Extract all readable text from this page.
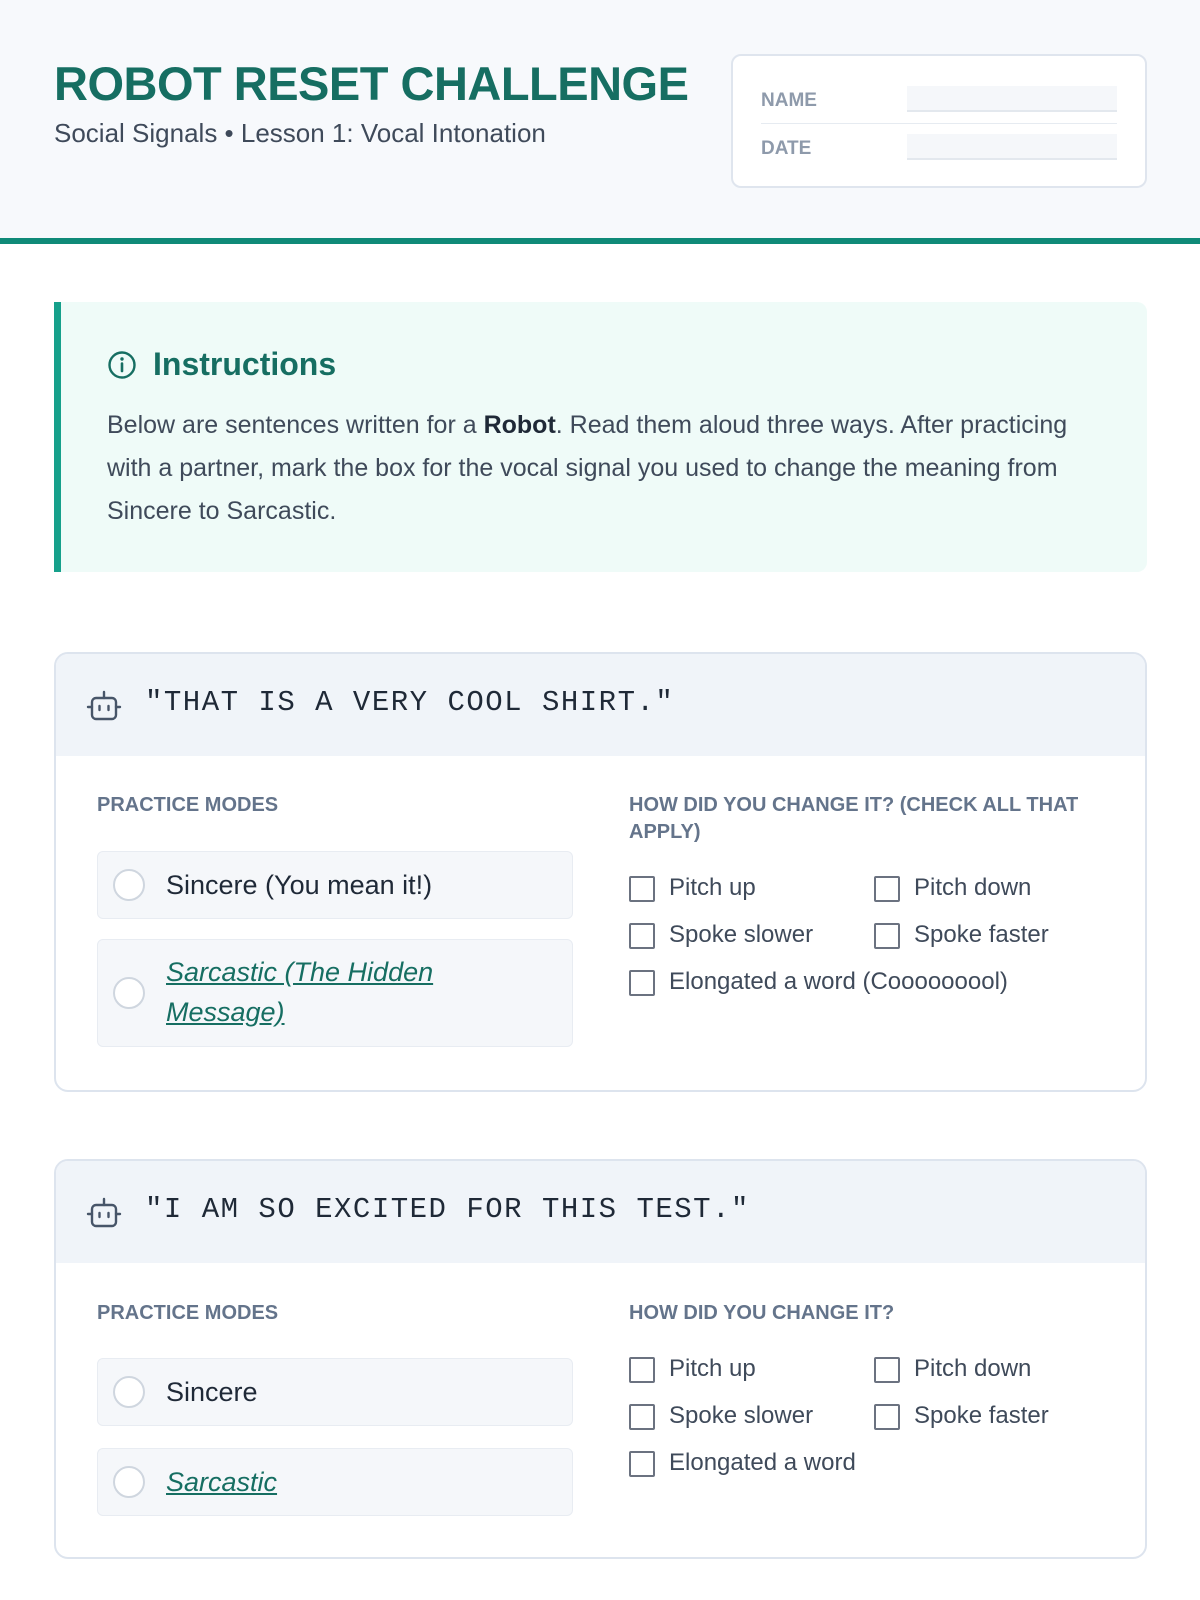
ROBOT RESET CHALLENGE
Social Signals • Lesson 1: Vocal Intonation
NAME
DATE
Instructions
Below are sentences written for a Robot. Read them aloud three ways. After practicing with a partner, mark the box for the vocal signal you used to change the meaning from Sincere to Sarcastic.
"THAT IS A VERY COOL SHIRT."
PRACTICE MODES
Sincere (You mean it!)
Sarcastic (The Hidden Message)
HOW DID YOU CHANGE IT? (CHECK ALL THAT APPLY)
Pitch up	Pitch down
Spoke slower	Spoke faster
Elongated a word (Cooooooool)
"I AM SO EXCITED FOR THIS TEST."
PRACTICE MODES
Sincere
Sarcastic
HOW DID YOU CHANGE IT?
Pitch up	Pitch down
Spoke slower	Spoke faster
Elongated a word
